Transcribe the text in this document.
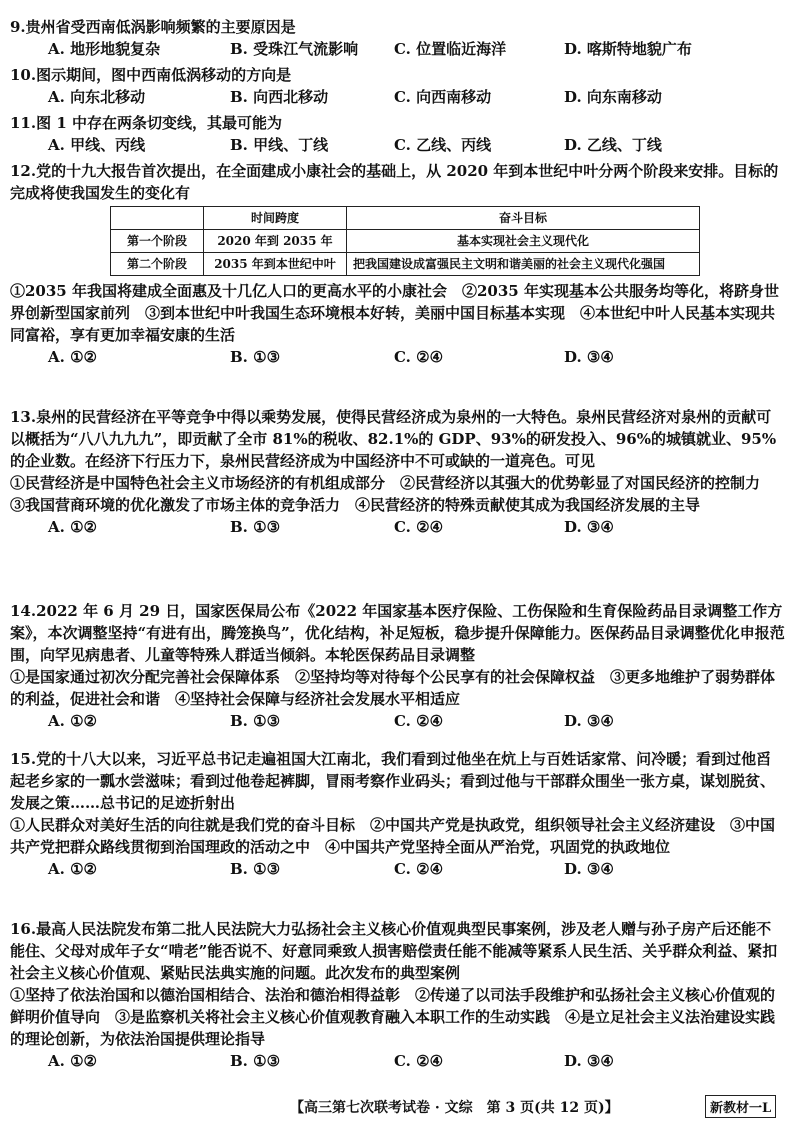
9.贵州省受西南低涡影响频繁的主要原因是

A. 地形地貌复杂	B. 受珠江气流影响 C. 位置临近海洋	D. 喀斯特地貌广布

10.图示期间，图中西南低涡移动的方向是

A. 向东北移动	B. 向西北移动	C. 向西南移动	D. 向东南移动

11.图 1 中存在两条切变线，其最可能为

A. 甲线、丙线	B. 甲线、丁线	C. 乙线、丙线	D. 乙线、丁线

12.党的十九大报告首次提出，在全面建成小康社会的基础上，从 2020 年到本世纪中叶分两个阶段来安排。目标的完成将使我国发生的变化有

	时间跨度	奋斗目标
第一个阶段	2020 年到 2035 年	基本实现社会主义现代化
第二个阶段	2035 年到本世纪中叶	把我国建设成富强民主文明和谐美丽的社会主义现代化强国

①2035 年我国将建成全面惠及十几亿人口的更高水平的小康社会　②2035 年实现基本公共服务均等化，将跻身世界创新型国家前列　③到本世纪中叶我国生态环境根本好转，美丽中国目标基本实现　④本世纪中叶人民基本实现共同富裕，享有更加幸福安康的生活

A. ①②	B. ①③	C. ②④	D. ③④

13.泉州的民营经济在平等竞争中得以乘势发展，使得民营经济成为泉州的一大特色。泉州民营经济对泉州的贡献可以概括为“八八九九九”，即贡献了全市 81%的税收、82.1%的 GDP、93%的研发投入、96%的城镇就业、95%的企业数。在经济下行压力下，泉州民营经济成为中国经济中不可或缺的一道亮色。可见

①民营经济是中国特色社会主义市场经济的有机组成部分　②民营经济以其强大的优势彰显了对国民经济的控制力　③我国营商环境的优化激发了市场主体的竞争活力　④民营经济的特殊贡献使其成为我国经济发展的主导

A. ①②	B. ①③	C. ②④	D. ③④

14.2022 年 6 月 29 日，国家医保局公布《2022 年国家基本医疗保险、工伤保险和生育保险药品目录调整工作方案》，本次调整坚持“有进有出，腾笼换鸟”，优化结构，补足短板，稳步提升保障能力。医保药品目录调整优化申报范围，向罕见病患者、儿童等特殊人群适当倾斜。本轮医保药品目录调整

①是国家通过初次分配完善社会保障体系　②坚持均等对待每个公民享有的社会保障权益　③更多地维护了弱势群体的利益，促进社会和谐　④坚持社会保障与经济社会发展水平相适应

A. ①②	B. ①③	C. ②④	D. ③④

15.党的十八大以来，习近平总书记走遍祖国大江南北，我们看到过他坐在炕上与百姓话家常、问冷暖；看到过他舀起老乡家的一瓢水尝滋味；看到过他卷起裤脚，冒雨考察作业码头；看到过他与干部群众围坐一张方桌，谋划脱贫、发展之策……总书记的足迹折射出

①人民群众对美好生活的向往就是我们党的奋斗目标　②中国共产党是执政党，组织领导社会主义经济建设　③中国共产党把群众路线贯彻到治国理政的活动之中　④中国共产党坚持全面从严治党，巩固党的执政地位

A. ①②	B. ①③	C. ②④	D. ③④

16.最高人民法院发布第二批人民法院大力弘扬社会主义核心价值观典型民事案例，涉及老人赠与孙子房产后还能不能住、父母对成年子女“啃老”能否说不、好意同乘致人损害赔偿责任能不能减等紧系人民生活、关乎群众利益、紧扣社会主义核心价值观、紧贴民法典实施的问题。此次发布的典型案例

①坚持了依法治国和以德治国相结合、法治和德治相得益彰　②传递了以司法手段维护和弘扬社会主义核心价值观的鲜明价值导向　③是监察机关将社会主义核心价值观教育融入本职工作的生动实践　④是立足社会主义法治建设实践的理论创新，为依法治国提供理论指导

A. ①②	B. ①③	C. ②④	D. ③④
【高三第七次联考试卷 · 文综　第 3 页(共 12 页)】	新教材一L
